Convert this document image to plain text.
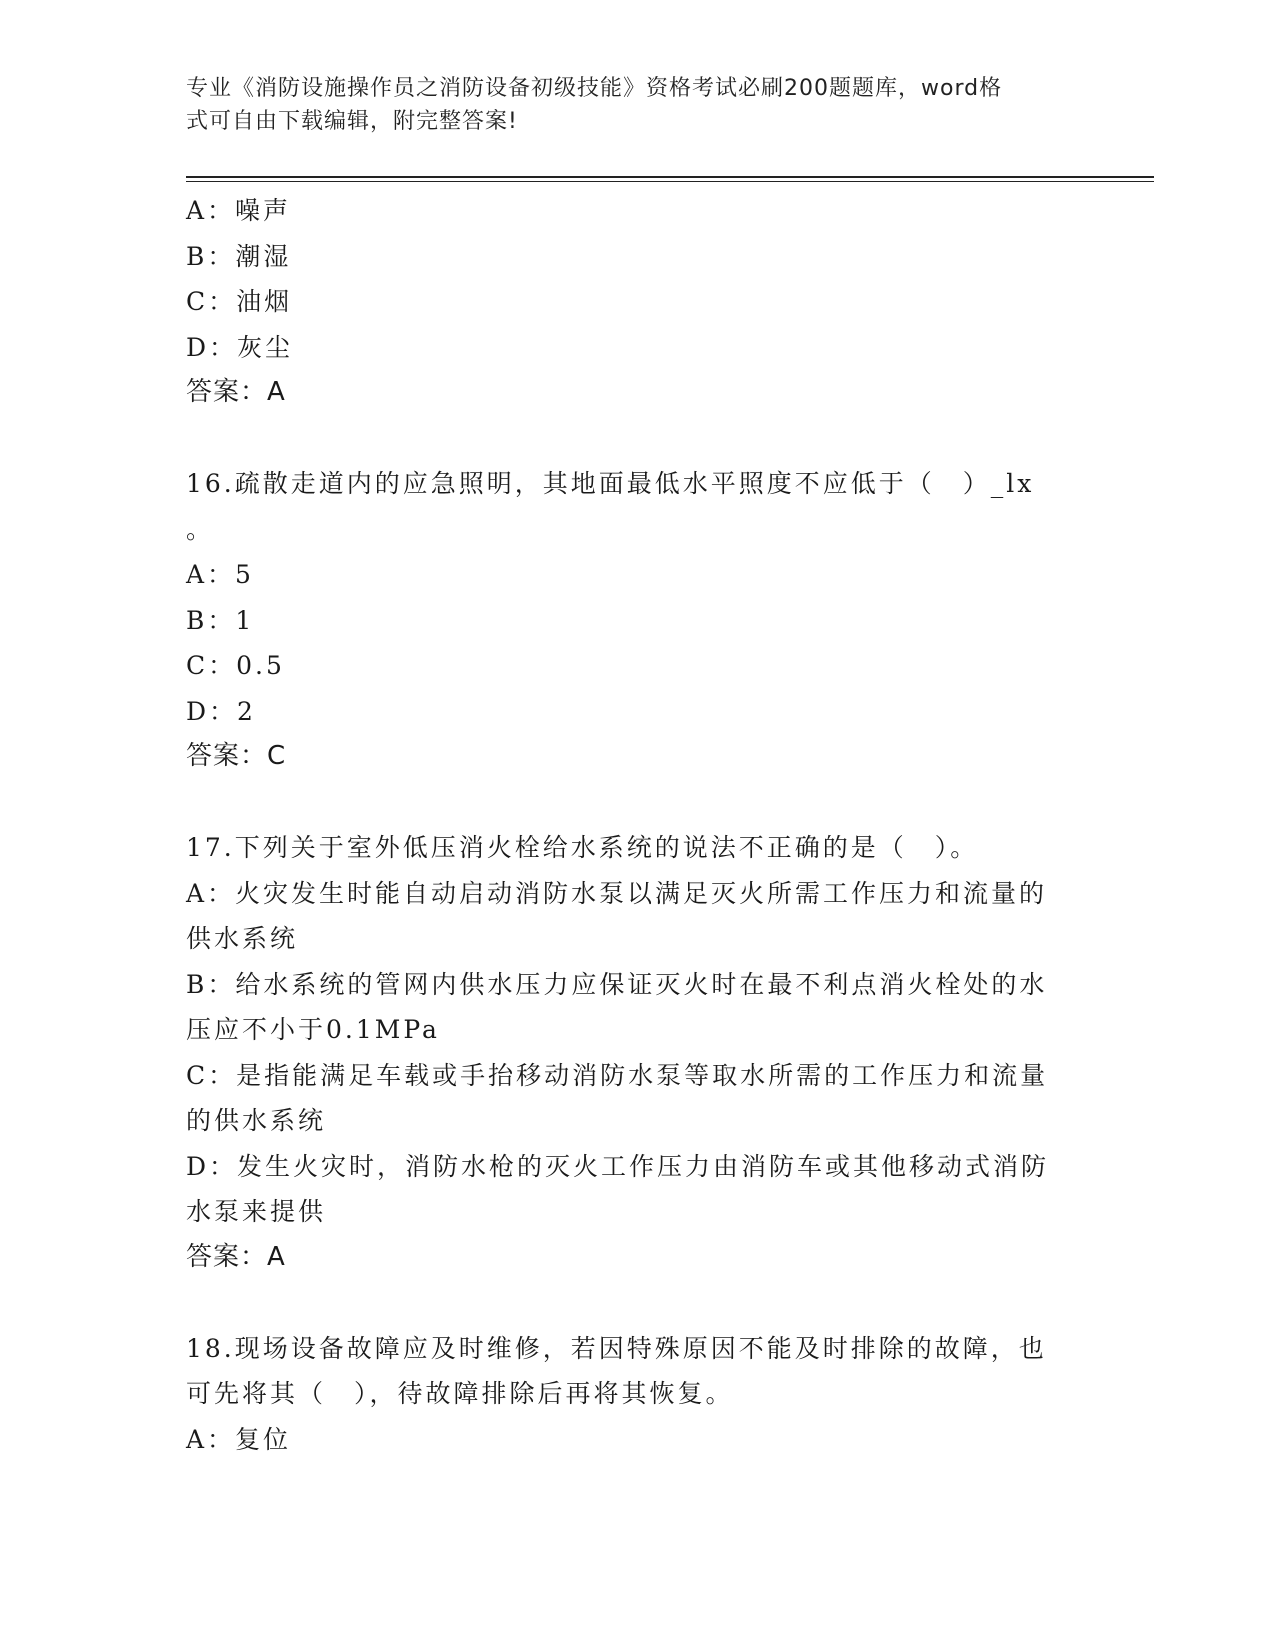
专业《消防设施操作员之消防设备初级技能》资格考试必刷200题题库，word格
式可自由下载编辑，附完整答案!

A：噪声

B：潮湿

C：油烟

D：灰尘

答案：A

16.疏散走道内的应急照明，其地面最低水平照度不应低于（　）_lx

。

A：5

B：1

C：0.5

D：2

答案：C

17.下列关于室外低压消火栓给水系统的说法不正确的是（　）。

A：火灾发生时能自动启动消防水泵以满足灭火所需工作压力和流量的

供水系统

B：给水系统的管网内供水压力应保证灭火时在最不利点消火栓处的水

压应不小于0.1MPa

C：是指能满足车载或手抬移动消防水泵等取水所需的工作压力和流量

的供水系统

D：发生火灾时，消防水枪的灭火工作压力由消防车或其他移动式消防

水泵来提供

答案：A

18.现场设备故障应及时维修，若因特殊原因不能及时排除的故障，也

可先将其（　），待故障排除后再将其恢复。

A：复位
